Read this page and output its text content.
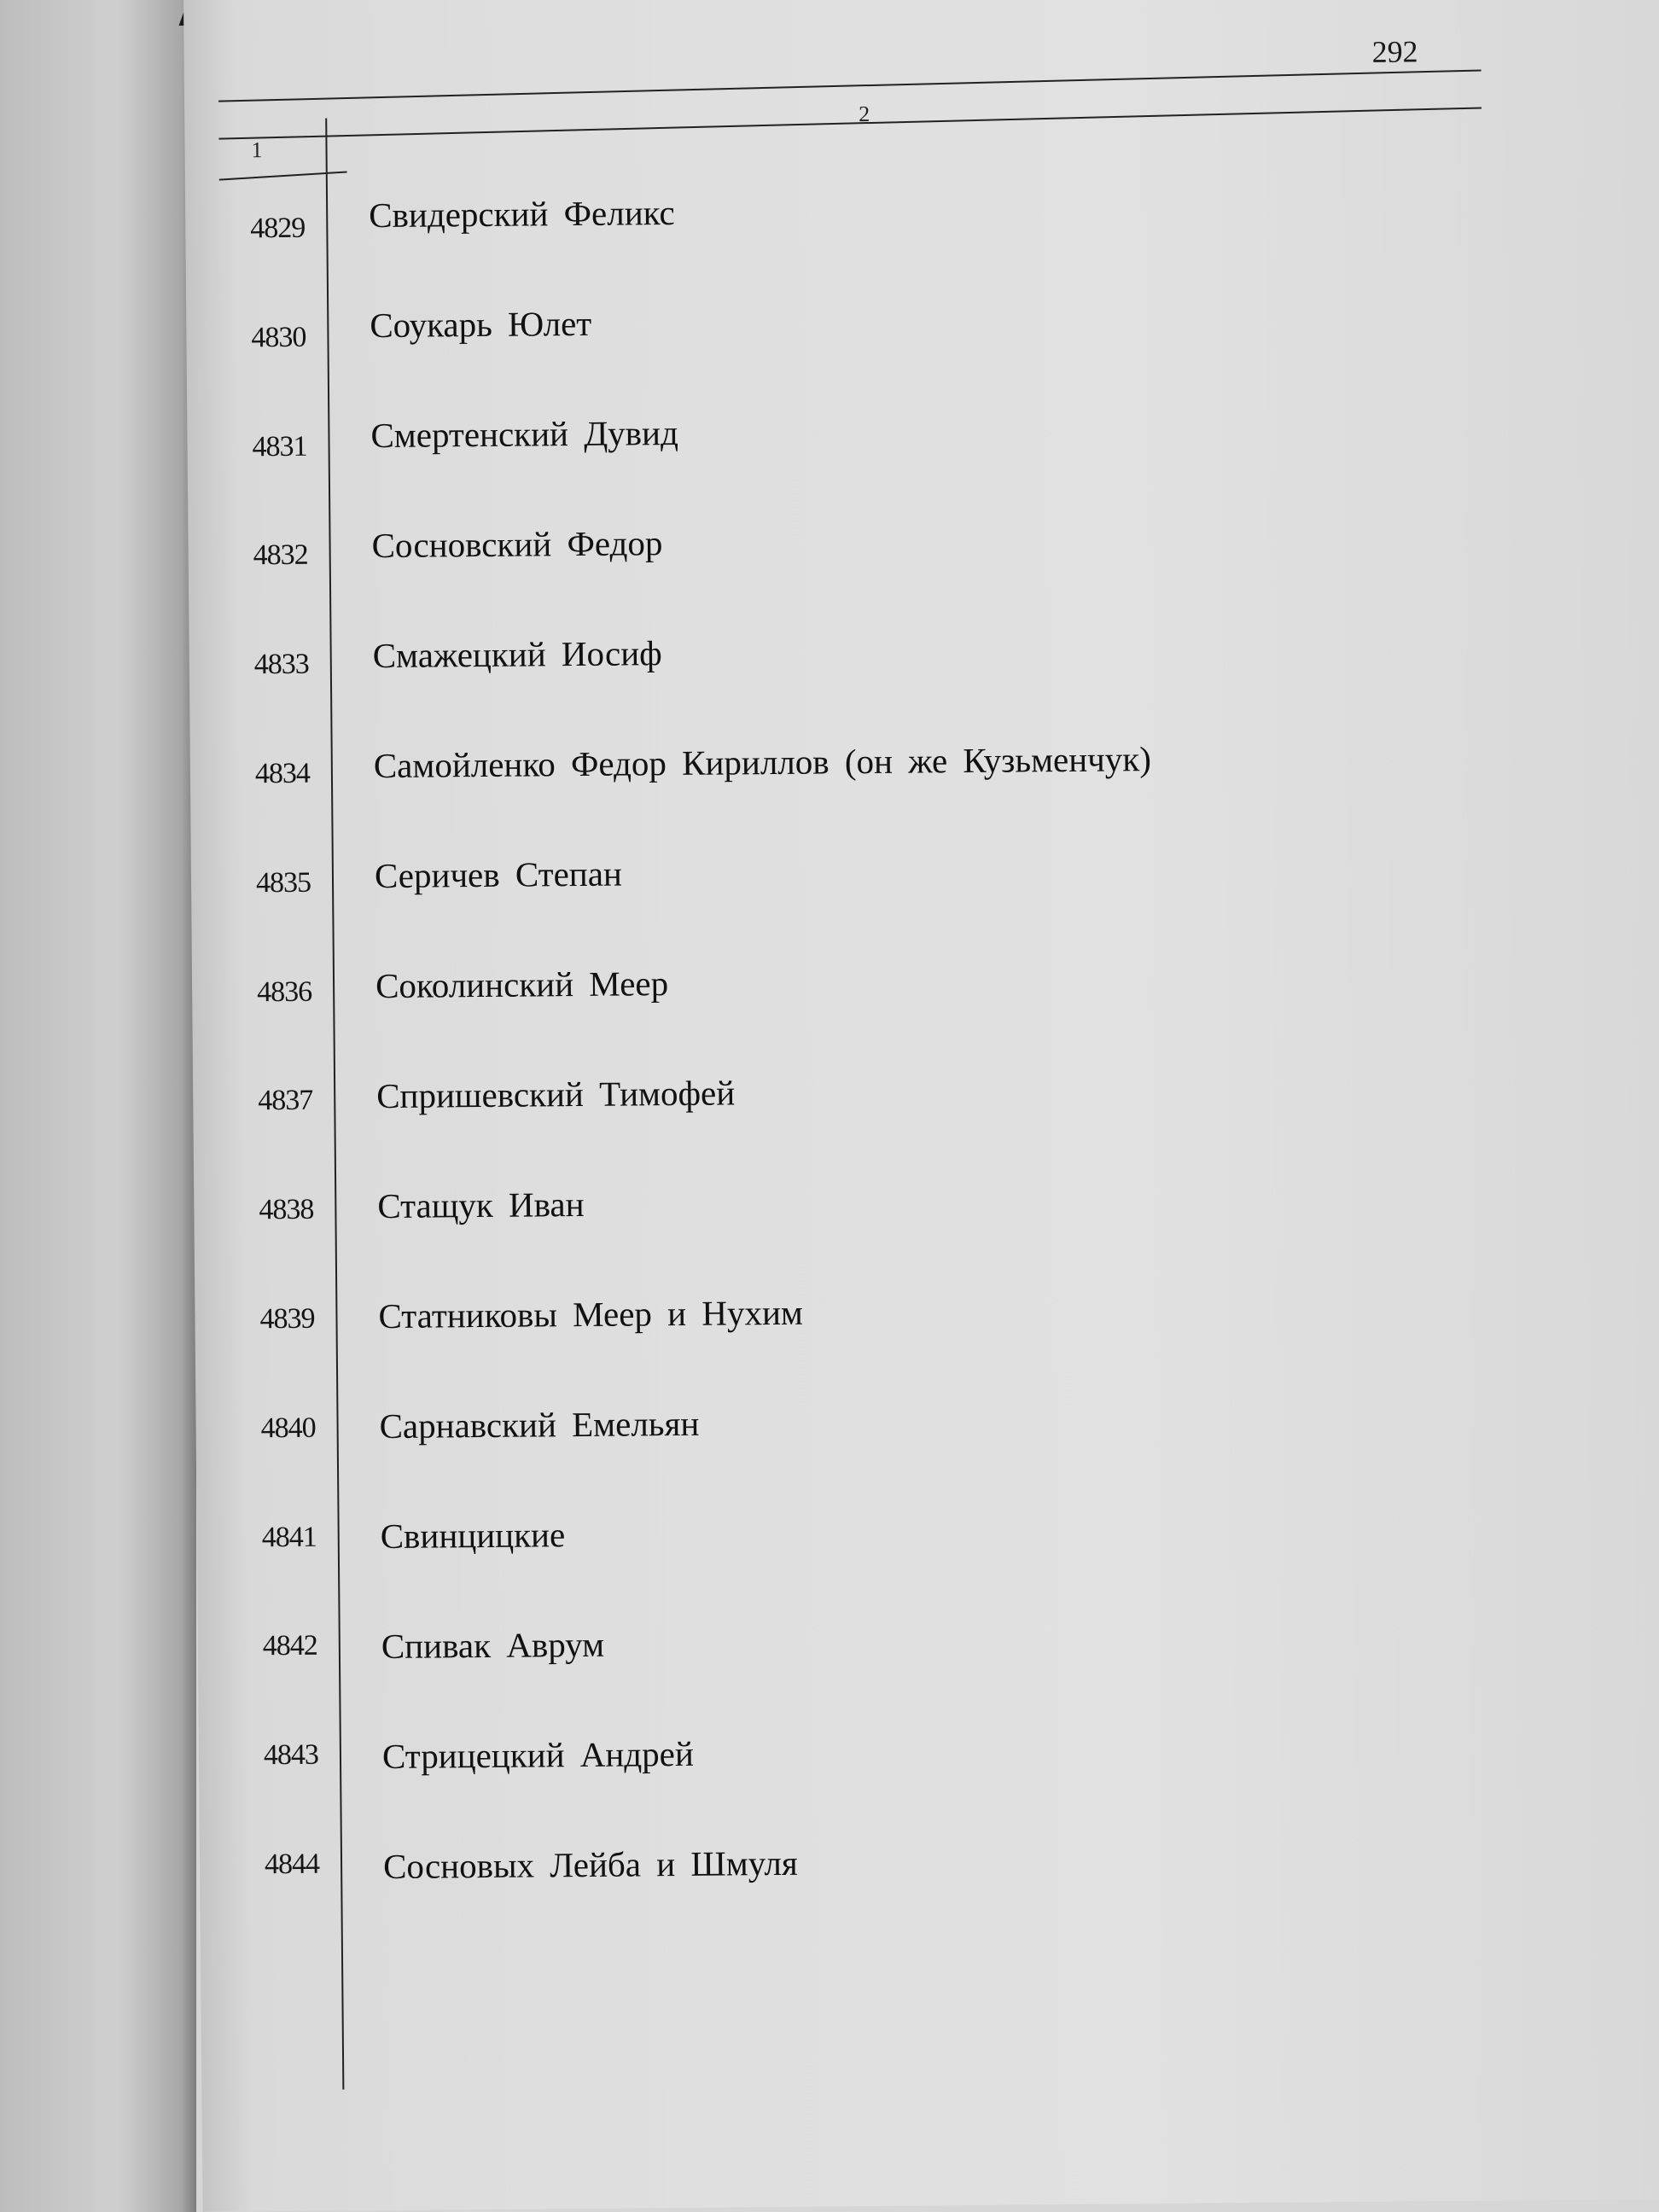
292
1
2
4829 Свидерский Феликс
4830 Соукарь Юлет
4831 Смертенский Дувид
4832 Сосновский Федор
4833 Смажецкий Иосиф
4834 Самойленко Федор Кириллов (он же Кузьменчук)
4835 Серичев Степан
4836 Соколинский Меер
4837 Спришевский Тимофей
4838 Стащук Иван
4839 Статниковы Меер и Нухим
4840 Сарнавский Емельян
4841 Свинцицкие
4842 Спивак Аврум
4843 Стрицецкий Андрей
4844 Сосновых Лейба и Шмуля
